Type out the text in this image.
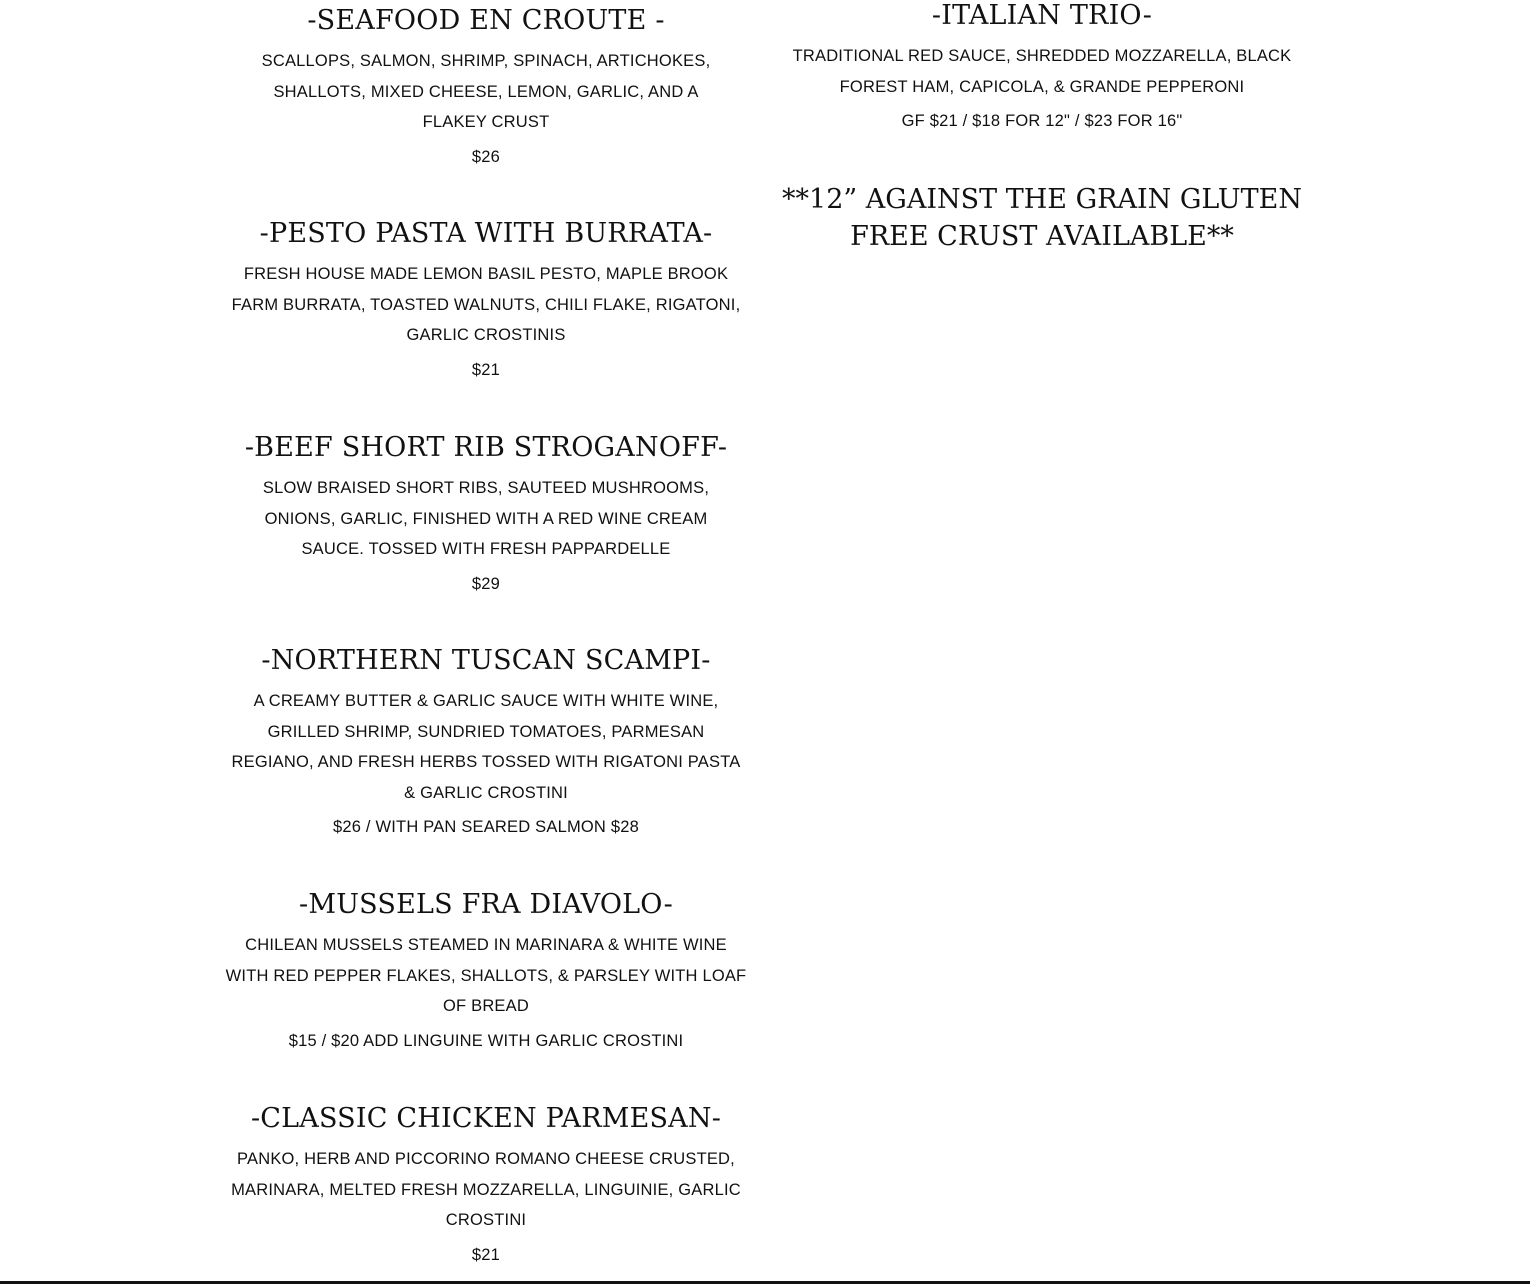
-SEAFOOD EN CROUTE -

SCALLOPS, SALMON, SHRIMP, SPINACH, ARTICHOKES, SHALLOTS, MIXED CHEESE, LEMON, GARLIC, AND A FLAKEY CRUST

$26

-PESTO PASTA WITH BURRATA-

FRESH HOUSE MADE LEMON BASIL PESTO, MAPLE BROOK FARM BURRATA, TOASTED WALNUTS, CHILI FLAKE, RIGATONI, GARLIC CROSTINIS

$21

-BEEF SHORT RIB STROGANOFF-

SLOW BRAISED SHORT RIBS, SAUTEED MUSHROOMS, ONIONS, GARLIC, FINISHED WITH A RED WINE CREAM SAUCE. TOSSED WITH FRESH PAPPARDELLE

$29

-NORTHERN TUSCAN SCAMPI-

A CREAMY BUTTER & GARLIC SAUCE WITH WHITE WINE, GRILLED SHRIMP, SUNDRIED TOMATOES, PARMESAN REGIANO, AND FRESH HERBS TOSSED WITH RIGATONI PASTA & GARLIC CROSTINI

$26 / WITH PAN SEARED SALMON $28

-MUSSELS FRA DIAVOLO-

CHILEAN MUSSELS STEAMED IN MARINARA & WHITE WINE WITH RED PEPPER FLAKES, SHALLOTS, & PARSLEY WITH LOAF OF BREAD

$15 / $20 ADD LINGUINE WITH GARLIC CROSTINI

-CLASSIC CHICKEN PARMESAN-

PANKO, HERB AND PICCORINO ROMANO CHEESE CRUSTED, MARINARA, MELTED FRESH MOZZARELLA, LINGUINIE, GARLIC CROSTINI

$21

-ITALIAN TRIO-

TRADITIONAL RED SAUCE, SHREDDED MOZZARELLA, BLACK FOREST HAM, CAPICOLA, & GRANDE PEPPERONI

GF $21 / $18 FOR 12" / $23 FOR 16"

**12” AGAINST THE GRAIN GLUTEN FREE CRUST AVAILABLE**
